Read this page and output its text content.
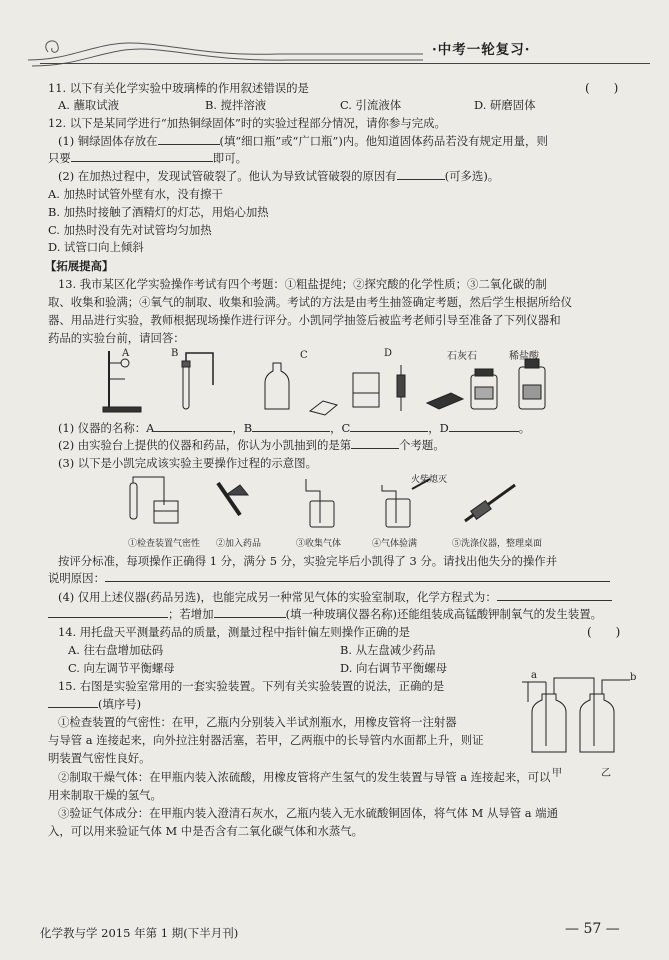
·中考一轮复习·
11. 以下有关化学实验中玻璃棒的作用叙述错误的是	(　　)
A. 蘸取试液	B. 搅拌溶液	C. 引流液体	D. 研磨固体
12. 以下是某同学进行“加热铜绿固体”时的实验过程部分情况，请你参与完成。
(1) 铜绿固体存放在	(填“细口瓶”或“广口瓶”)内。他知道固体药品若没有规定用量，则
只要	即可。
(2) 在加热过程中，发现试管破裂了。他认为导致试管破裂的原因有	(可多选)。
A. 加热时试管外壁有水，没有擦干
B. 加热时接触了酒精灯的灯芯，用焰心加热
C. 加热时没有先对试管均匀加热
D. 试管口向上倾斜
【拓展提高】
13. 我市某区化学实验操作考试有四个考题：①粗盐提纯；②探究酸的化学性质；③二氧化碳的制
取、收集和验满；④氧气的制取、收集和验满。考试的方法是由考生抽签确定考题，然后学生根据所给仪
器、用品进行实验，教师根据现场操作进行评分。小凯同学抽签后被监考老师引导至准备了下列仪器和
药品的实验台前，请回答：
A	B	C	D	石灰石	稀盐酸
(1) 仪器的名称：A	，B	，C	，D	。
(2) 由实验台上提供的仪器和药品，你认为小凯抽到的是第	个考题。
(3) 以下是小凯完成该实验主要操作过程的示意图。
火柴熄灭
①检查装置气密性 ②加入药品	③收集气体	④气体验满	⑤洗涤仪器，整理桌面
按评分标准，每项操作正确得 1 分，满分 5 分，实验完毕后小凯得了 3 分。请找出他失分的操作并
说明原因：
(4) 仅用上述仪器(药品另选)，也能完成另一种常见气体的实验室制取，化学方程式为：
；若增加	(填一种玻璃仪器名称)还能组装成高锰酸钾制氧气的发生装置。
14. 用托盘天平测量药品的质量，测量过程中指针偏左则操作正确的是	(　　)
A. 往右盘增加砝码	B. 从左盘减少药品
C. 向左调节平衡螺母	D. 向右调节平衡螺母
15. 右图是实验室常用的一套实验装置。下列有关实验装置的说法，正确的是
(填序号)
①检查装置的气密性：在甲，乙瓶内分别装入半试剂瓶水，用橡皮管将一注射器
与导管 a 连接起来，向外拉注射器活塞，若甲，乙两瓶中的长导管内水面都上升，则证
明装置气密性良好。
②制取干燥气体：在甲瓶内装入浓硫酸，用橡皮管将产生氢气的发生装置与导管 a 连接起来，可以
用来制取干燥的氢气。
③验证气体成分：在甲瓶内装入澄清石灰水，乙瓶内装入无水硫酸铜固体，将气体 M 从导管 a 端通
入，可以用来验证气体 M 中是否含有二氧化碳气体和水蒸气。
a	b
甲	乙
化学教与学 2015 年第 1 期(下半月刊)	— 57 —
